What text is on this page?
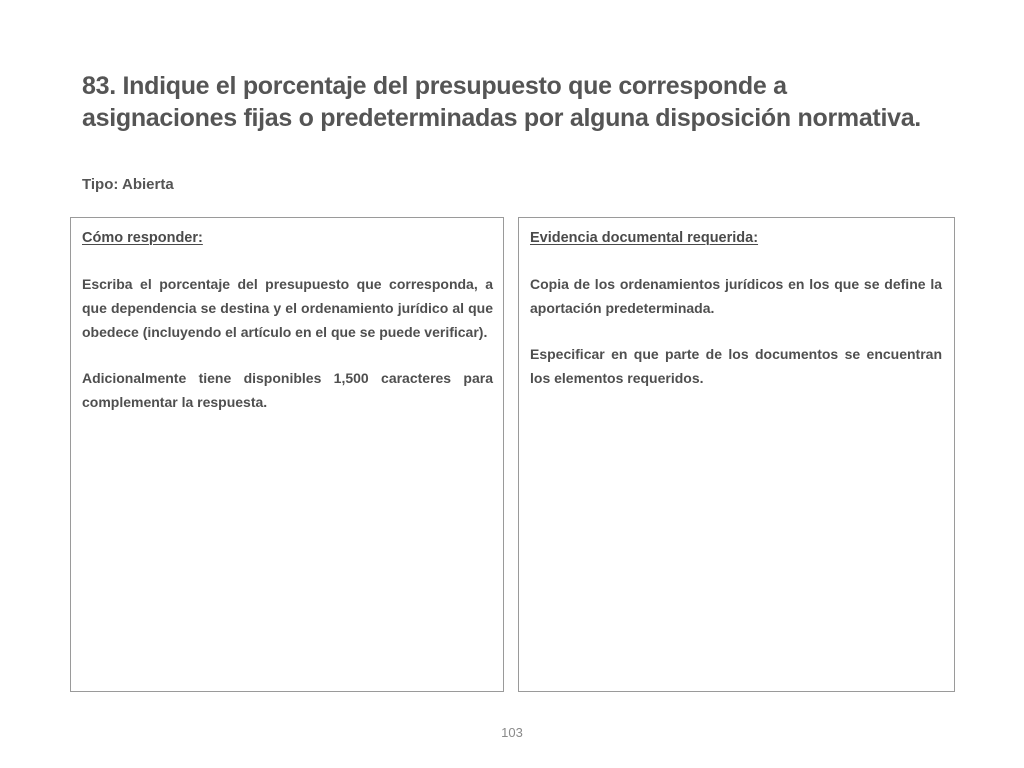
83. Indique el porcentaje del presupuesto que corresponde a asignaciones fijas o predeterminadas por alguna disposición normativa.
Tipo: Abierta
Cómo responder:

Escriba el porcentaje del presupuesto que corresponda, a que dependencia se destina y el ordenamiento jurídico al que obedece (incluyendo el artículo en el que se puede verificar).

Adicionalmente tiene disponibles 1,500 caracteres para complementar la respuesta.

Evidencia documental requerida:

Copia de los ordenamientos jurídicos en los que se define la aportación predeterminada.

Especificar en que parte de los documentos se encuentran los elementos requeridos.

103
